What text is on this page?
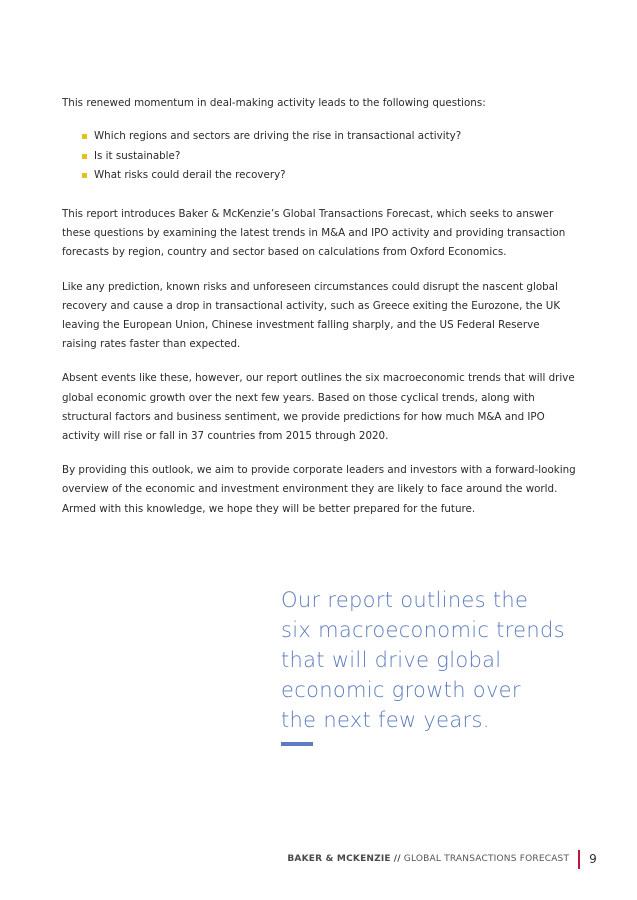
This renewed momentum in deal-making activity leads to the following questions:

Which regions and sectors are driving the rise in transactional activity?
Is it sustainable?
What risks could derail the recovery?

This report introduces Baker & McKenzie’s Global Transactions Forecast, which seeks to answer these questions by examining the latest trends in M&A and IPO activity and providing transaction forecasts by region, country and sector based on calculations from Oxford Economics.

Like any prediction, known risks and unforeseen circumstances could disrupt the nascent global recovery and cause a drop in transactional activity, such as Greece exiting the Eurozone, the UK leaving the European Union, Chinese investment falling sharply, and the US Federal Reserve raising rates faster than expected.

Absent events like these, however, our report outlines the six macroeconomic trends that will drive global economic growth over the next few years. Based on those cyclical trends, along with structural factors and business sentiment, we provide predictions for how much M&A and IPO activity will rise or fall in 37 countries from 2015 through 2020.

By providing this outlook, we aim to provide corporate leaders and investors with a forward-looking overview of the economic and investment environment they are likely to face around the world. Armed with this knowledge, we hope they will be better prepared for the future.

Our report outlines the
six macroeconomic trends
that will drive global
economic growth over
the next few years.
BAKER & MCKENZIE // GLOBAL TRANSACTIONS FORECAST 9
